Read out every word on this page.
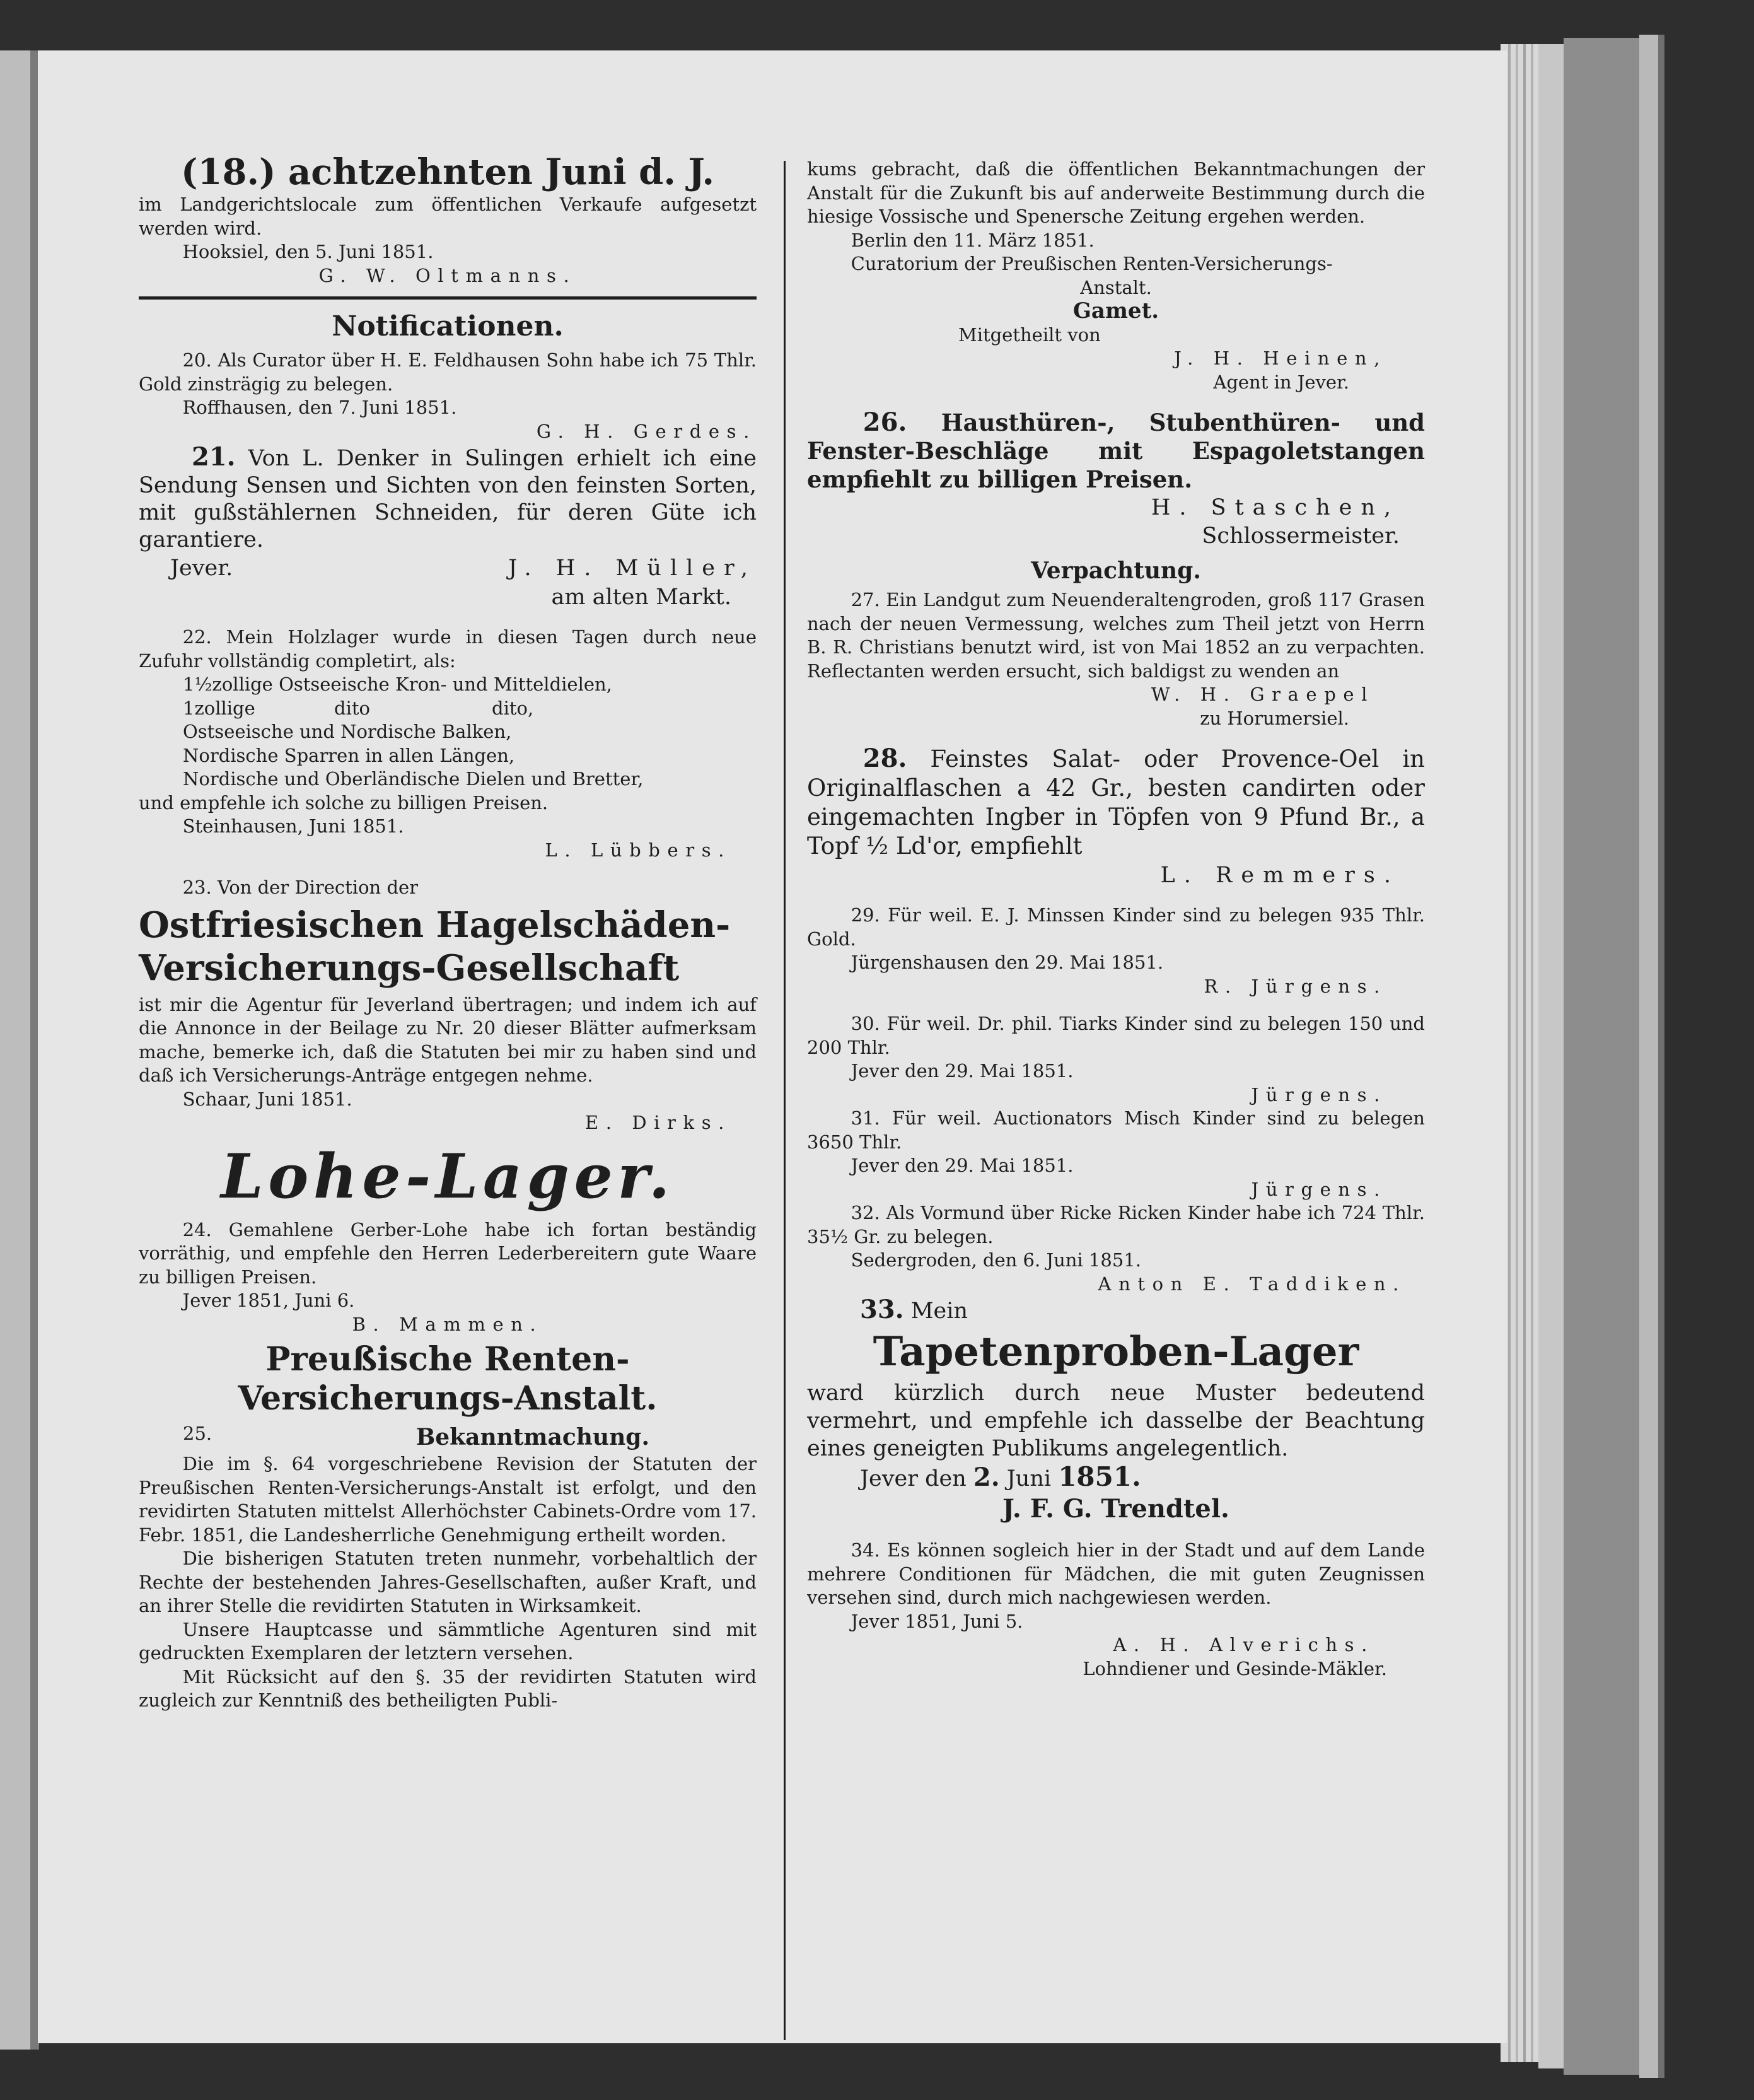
(18.) achtzehnten Juni d. J.

im Landgerichtslocale zum öffentlichen Verkaufe aufgesetzt werden wird.

Hooksiel, den 5. Juni 1851.

G. W. Oltmanns.

Notificationen.

20. Als Curator über H. E. Feldhausen Sohn habe ich 75 Thlr. Gold zinsträgig zu belegen.

Roffhausen, den 7. Juni 1851.

G. H. Gerdes.

21. Von L. Denker in Sulingen erhielt ich eine Sendung Sensen und Sichten von den feinsten Sorten, mit gußstählernen Schneiden, für deren Güte ich garantiere.

Jever.	J. H. Müller,

am alten Markt.

22. Mein Holzlager wurde in diesen Tagen durch neue Zufuhr vollständig completirt, als:

1½zollige Ostseeische Kron- und Mitteldielen,

1zollige	dito	dito,

Ostseeische und Nordische Balken,

Nordische Sparren in allen Längen,

Nordische und Oberländische Dielen und Bretter,

und empfehle ich solche zu billigen Preisen.

Steinhausen, Juni 1851.

L. Lübbers.

23. Von der Direction der

Ostfriesischen Hagelschäden-Versicherungs-Gesellschaft

ist mir die Agentur für Jeverland übertragen; und indem ich auf die Annonce in der Beilage zu Nr. 20 dieser Blätter aufmerksam mache, bemerke ich, daß die Statuten bei mir zu haben sind und daß ich Versicherungs-Anträge entgegen nehme.

Schaar, Juni 1851.

E. Dirks.

Lohe-Lager.

24. Gemahlene Gerber-Lohe habe ich fortan beständig vorräthig, und empfehle den Herren Lederbereitern gute Waare zu billigen Preisen.

Jever 1851, Juni 6.

B. Mammen.

Preußische Renten-Versicherungs-Anstalt.
25.	Bekanntmachung.

Die im §. 64 vorgeschriebene Revision der Statuten der Preußischen Renten-Versicherungs-Anstalt ist erfolgt, und den revidirten Statuten mittelst Allerhöchster Cabinets-Ordre vom 17. Febr. 1851, die Landesherrliche Genehmigung ertheilt worden.

Die bisherigen Statuten treten nunmehr, vorbehaltlich der Rechte der bestehenden Jahres-Gesellschaften, außer Kraft, und an ihrer Stelle die revidirten Statuten in Wirksamkeit.

Unsere Hauptcasse und sämmtliche Agenturen sind mit gedruckten Exemplaren der letztern versehen.

Mit Rücksicht auf den §. 35 der revidirten Statuten wird zugleich zur Kenntniß des betheiligten Publi-

kums gebracht, daß die öffentlichen Bekanntmachungen der Anstalt für die Zukunft bis auf anderweite Bestimmung durch die hiesige Vossische und Spenersche Zeitung ergehen werden.

Berlin den 11. März 1851.

Curatorium der Preußischen Renten-Versicherungs-

Anstalt.

Gamet.

Mitgetheilt von

J. H. Heinen,

Agent in Jever.

26. Hausthüren-, Stubenthüren- und Fenster-Beschläge mit Espagoletstangen empfiehlt zu billigen Preisen.

H. Staschen,

Schlossermeister.

Verpachtung.

27. Ein Landgut zum Neuenderaltengroden, groß 117 Grasen nach der neuen Vermessung, welches zum Theil jetzt von Herrn B. R. Christians benutzt wird, ist von Mai 1852 an zu verpachten. Reflectanten werden ersucht, sich baldigst zu wenden an

W. H. Graepel

zu Horumersiel.

28. Feinstes Salat- oder Provence-Oel in Originalflaschen a 42 Gr., besten candirten oder eingemachten Ingber in Töpfen von 9 Pfund Br., a Topf ½ Ld'or, empfiehlt

L. Remmers.

29. Für weil. E. J. Minssen Kinder sind zu belegen 935 Thlr. Gold.

Jürgenshausen den 29. Mai 1851.

R. Jürgens.

30. Für weil. Dr. phil. Tiarks Kinder sind zu belegen 150 und 200 Thlr.

Jever den 29. Mai 1851.

Jürgens.

31. Für weil. Auctionators Misch Kinder sind zu belegen 3650 Thlr.

Jever den 29. Mai 1851.

Jürgens.

32. Als Vormund über Ricke Ricken Kinder habe ich 724 Thlr. 35½ Gr. zu belegen.

Sedergroden, den 6. Juni 1851.

Anton E. Taddiken.

33. Mein

Tapetenproben-Lager

ward kürzlich durch neue Muster bedeutend vermehrt, und empfehle ich dasselbe der Beachtung eines geneigten Publikums angelegentlich.

Jever den 2. Juni 1851.

J. F. G. Trendtel.

34. Es können sogleich hier in der Stadt und auf dem Lande mehrere Conditionen für Mädchen, die mit guten Zeugnissen versehen sind, durch mich nachgewiesen werden.

Jever 1851, Juni 5.

A. H. Alverichs.

Lohndiener und Gesinde-Mäkler.
